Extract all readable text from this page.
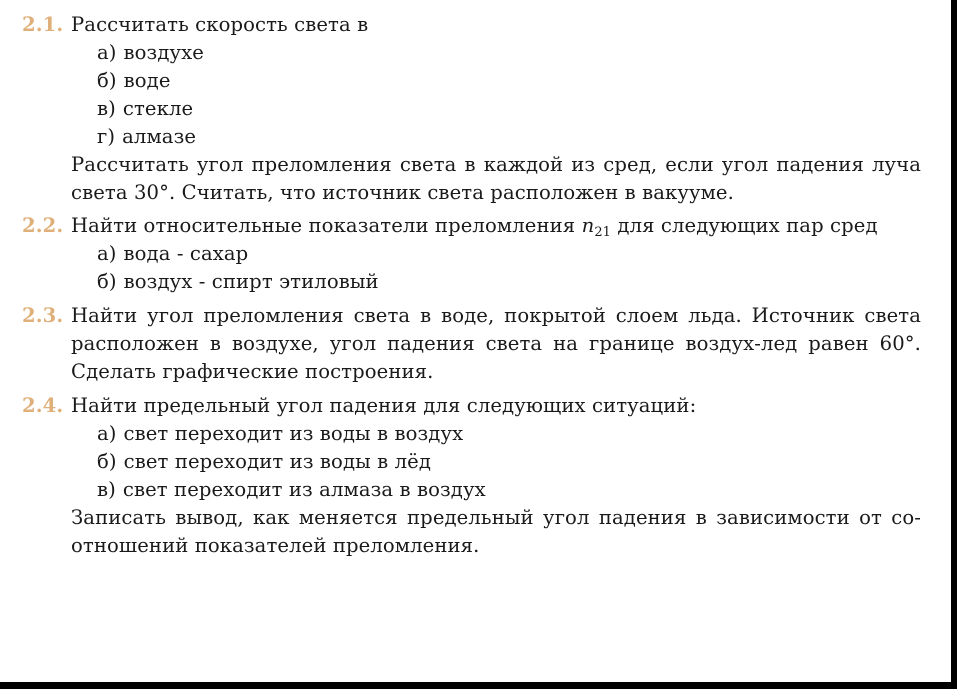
2.1. Рассчитать скорость света в
а) воздухе
б) воде
в) стекле
г) алмазе
Рассчитать угол преломления света в каждой из сред, если угол падения луча
света 30°. Считать, что источник света расположен в вакууме.
2.2. Найти относительные показатели преломления $n_{21}$ для следующих пар сред
а) вода - сахар
б) воздух - спирт этиловый
2.3. Найти угол преломления света в воде, покрытой слоем льда. Источник света
расположен в воздухе, угол падения света на границе воздух-лед равен 60°.
Сделать графические построения.
2.4. Найти предельный угол падения для следующих ситуаций:
а) свет переходит из воды в воздух
б) свет переходит из воды в лёд
в) свет переходит из алмаза в воздух
Записать вывод, как меняется предельный угол падения в зависимости от со-
отношений показателей преломления.
